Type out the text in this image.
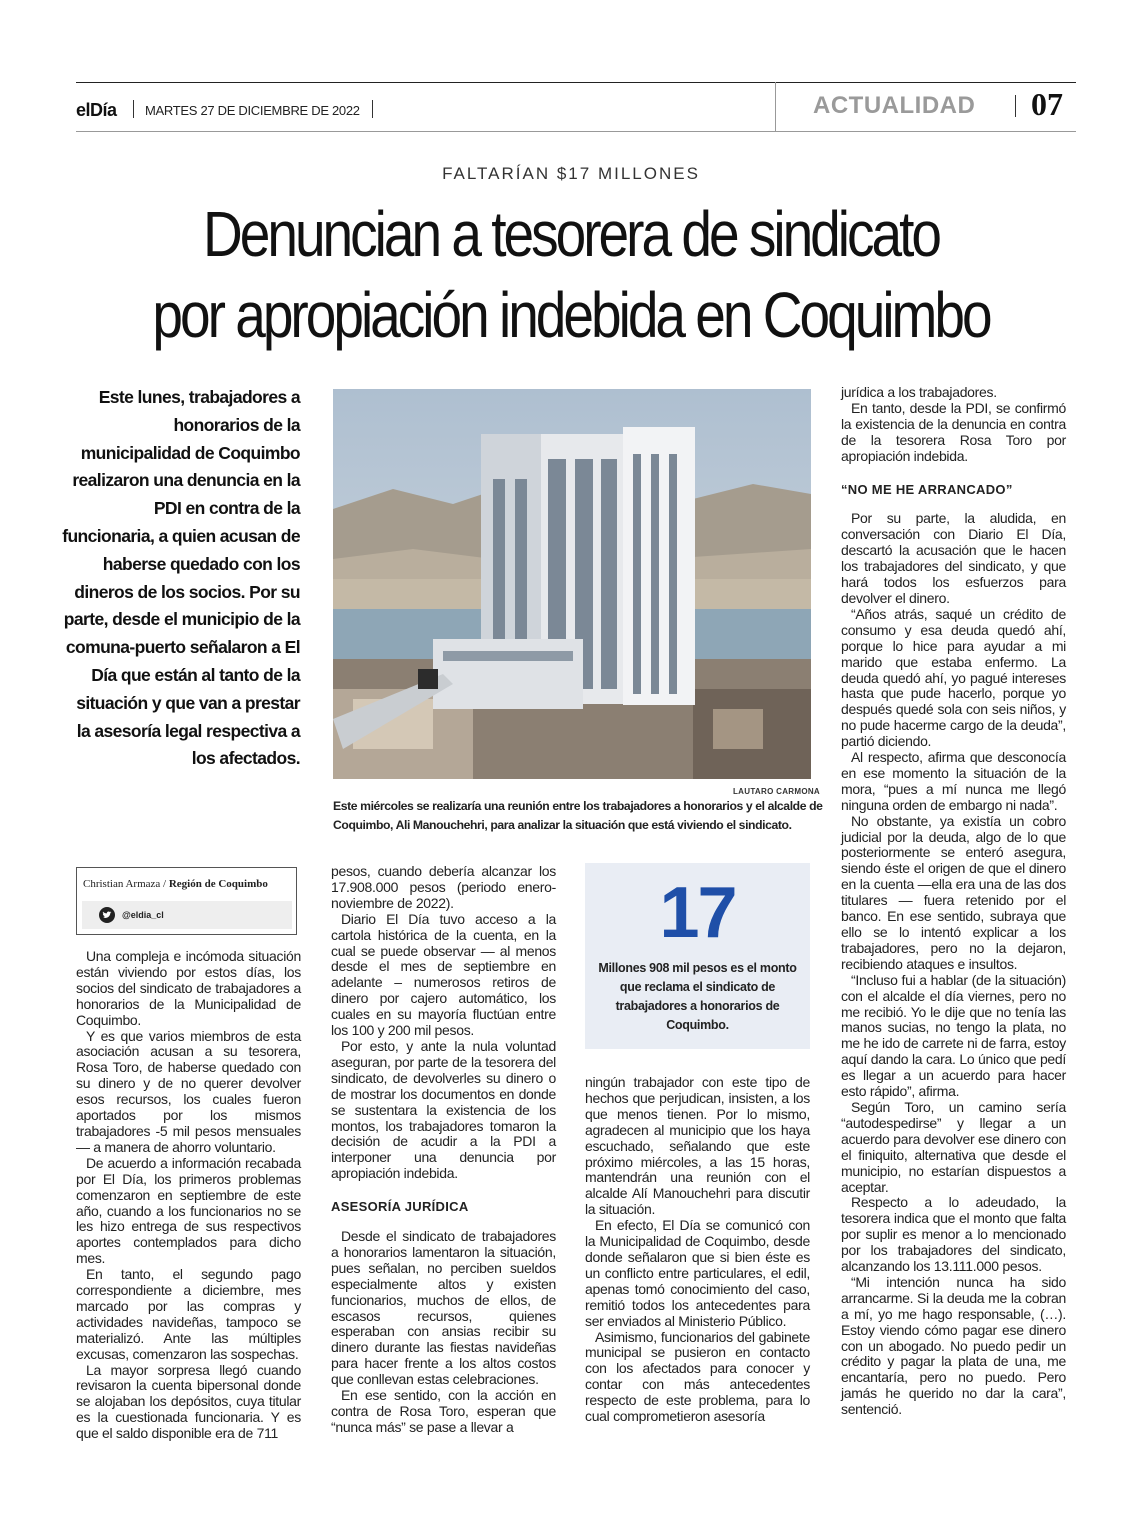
elDía MARTES 27 DE DICIEMBRE DE 2022	ACTUALIDAD 07
FALTARÍAN $17 MILLONES
Denuncian a tesorera de sindicato
por apropiación indebida en Coquimbo
Este lunes, trabajadores a honorarios de la municipalidad de Coquimbo realizaron una denuncia en la PDI en contra de la funcionaria, a quien acusan de haberse quedado con los dineros de los socios. Por su parte, desde el municipio de la comuna-puerto señalaron a El Día que están al tanto de la situación y que van a prestar la asesoría legal respectiva a los afectados.
LAUTARO CARMONA
Este miércoles se realizaría una reunión entre los trabajadores a honorarios y el alcalde de Coquimbo, Ali Manouchehri, para analizar la situación que está viviendo el sindicato.
Christian Armaza / Región de Coquimbo
@eldia_cl

Una compleja e incómoda situación están viviendo por estos días, los socios del sindicato de trabajadores a honorarios de la Municipalidad de Coquimbo.

Y es que varios miembros de esta asociación acusan a su tesorera, Rosa Toro, de haberse quedado con su dinero y de no querer devolver esos recursos, los cuales fueron aportados por los mismos trabajadores -5 mil pesos mensuales — a manera de ahorro voluntario.

De acuerdo a información recabada por El Día, los primeros problemas comenzaron en septiembre de este año, cuando a los funcionarios no se les hizo entrega de sus respectivos aportes contemplados para dicho mes.

En tanto, el segundo pago correspondiente a diciembre, mes marcado por las compras y actividades navideñas, tampoco se materializó. Ante las múltiples excusas, comenzaron las sospechas.

La mayor sorpresa llegó cuando revisaron la cuenta bipersonal donde se alojaban los depósitos, cuya titular es la cuestionada funcionaria. Y es que el saldo disponible era de 711

pesos, cuando debería alcanzar los 17.908.000 pesos (periodo enero-noviembre de 2022).

Diario El Día tuvo acceso a la cartola histórica de la cuenta, en la cual se puede observar — al menos desde el mes de septiembre en adelante – numerosos retiros de dinero por cajero automático, los cuales en su mayoría fluctúan entre los 100 y 200 mil pesos.

Por esto, y ante la nula voluntad aseguran, por parte de la tesorera del sindicato, de devolverles su dinero o de mostrar los documentos en donde se sustentara la existencia de los montos, los trabajadores tomaron la decisión de acudir a la PDI a interponer una denuncia por apropiación indebida.

ASESORÍA JURÍDICA

Desde el sindicato de trabajadores a honorarios lamentaron la situación, pues señalan, no perciben sueldos especialmente altos y existen funcionarios, muchos de ellos, de escasos recursos, quienes esperaban con ansias recibir su dinero durante las fiestas navideñas para hacer frente a los altos costos que conllevan estas celebraciones.

En ese sentido, con la acción en contra de Rosa Toro, esperan que “nunca más” se pase a llevar a

17
Millones 908 mil pesos es el monto que reclama el sindicato de trabajadores a honorarios de Coquimbo.

ningún trabajador con este tipo de hechos que perjudican, insisten, a los que menos tienen. Por lo mismo, agradecen al municipio que los haya escuchado, señalando que este próximo miércoles, a las 15 horas, mantendrán una reunión con el alcalde Alí Manouchehri para discutir la situación.

En efecto, El Día se comunicó con la Municipalidad de Coquimbo, desde donde señalaron que si bien éste es un conflicto entre particulares, el edil, apenas tomó conocimiento del caso, remitió todos los antecedentes para ser enviados al Ministerio Público.

Asimismo, funcionarios del gabinete municipal se pusieron en contacto con los afectados para conocer y contar con más antecedentes respecto de este problema, para lo cual comprometieron asesoría

jurídica a los trabajadores.

En tanto, desde la PDI, se confirmó la existencia de la denuncia en contra de la tesorera Rosa Toro por apropiación indebida.

“NO ME HE ARRANCADO”

Por su parte, la aludida, en conversación con Diario El Día, descartó la acusación que le hacen los trabajadores del sindicato, y que hará todos los esfuerzos para devolver el dinero.

“Años atrás, saqué un crédito de consumo y esa deuda quedó ahí, porque lo hice para ayudar a mi marido que estaba enfermo. La deuda quedó ahí, yo pagué intereses hasta que pude hacerlo, porque yo después quedé sola con seis niños, y no pude hacerme cargo de la deuda”, partió diciendo.

Al respecto, afirma que desconocía en ese momento la situación de la mora, “pues a mí nunca me llegó ninguna orden de embargo ni nada”.

No obstante, ya existía un cobro judicial por la deuda, algo de lo que posteriormente se enteró asegura, siendo éste el origen de que el dinero en la cuenta —ella era una de las dos titulares — fuera retenido por el banco. En ese sentido, subraya que ello se lo intentó explicar a los trabajadores, pero no la dejaron, recibiendo ataques e insultos.

“Incluso fui a hablar (de la situación) con el alcalde el día viernes, pero no me recibió. Yo le dije que no tenía las manos sucias, no tengo la plata, no me he ido de carrete ni de farra, estoy aquí dando la cara. Lo único que pedí es llegar a un acuerdo para hacer esto rápido”, afirma.

Según Toro, un camino sería “autodespedirse” y llegar a un acuerdo para devolver ese dinero con el finiquito, alternativa que desde el municipio, no estarían dispuestos a aceptar.

Respecto a lo adeudado, la tesorera indica que el monto que falta por suplir es menor a lo mencionado por los trabajadores del sindicato, alcanzando los 13.111.000 pesos.

“Mi intención nunca ha sido arrancarme. Si la deuda me la cobran a mí, yo me hago responsable, (…). Estoy viendo cómo pagar ese dinero con un abogado. No puedo pedir un crédito y pagar la plata de una, me encantaría, pero no puedo. Pero jamás he querido no dar la cara”, sentenció.
